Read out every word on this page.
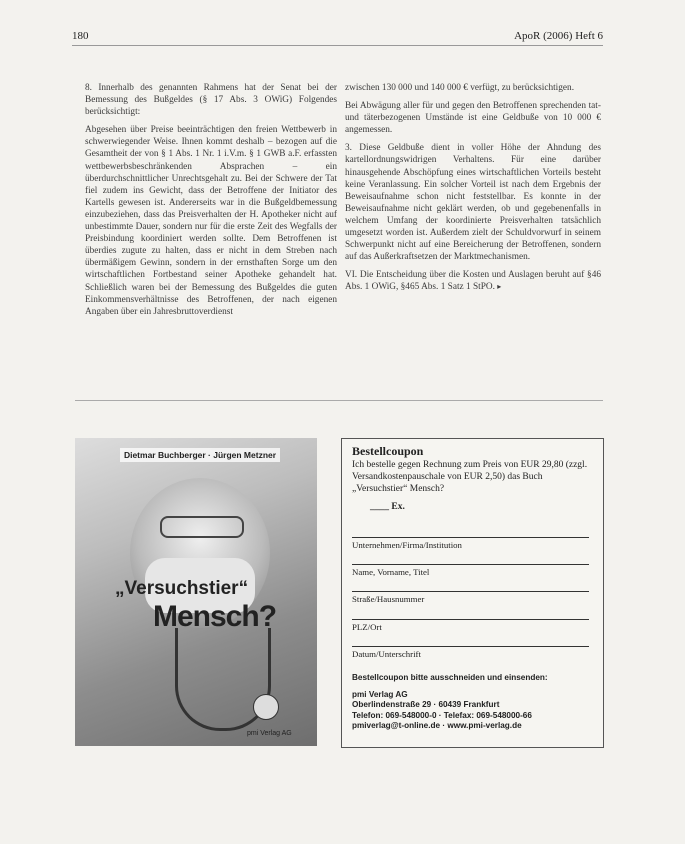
180	ApoR (2006) Heft 6

8. Innerhalb des genannten Rahmens hat der Senat bei der Bemessung des Bußgeldes (§ 17 Abs. 3 OWiG) Folgendes berücksichtigt:

Abgesehen über Preise beeinträchtigen den freien Wettbewerb in schwerwiegender Weise. Ihnen kommt deshalb – bezogen auf die Gesamtheit der von § 1 Abs. 1 Nr. 1 i.V.m. § 1 GWB a.F. erfassten wettbewerbsbeschränkenden Absprachen – ein überdurchschnittlicher Unrechtsgehalt zu. Bei der Schwere der Tat fiel zudem ins Gewicht, dass der Betroffene der Initiator des Kartells gewesen ist. Andererseits war in die Bußgeldbemessung einzubeziehen, dass das Preisverhalten der H. Apotheker nicht auf unbestimmte Dauer, sondern nur für die erste Zeit des Wegfalls der Preisbindung koordiniert werden sollte. Dem Betroffenen ist überdies zugute zu halten, dass er nicht in dem Streben nach übermäßigem Gewinn, sondern in der ernsthaften Sorge um den wirtschaftlichen Fortbestand seiner Apotheke gehandelt hat. Schließlich waren bei der Bemessung des Bußgeldes die guten Einkommensverhältnisse des Betroffenen, der nach eigenen Angaben über ein Jahresbruttoverdienst

zwischen 130 000 und 140 000 € verfügt, zu berücksichtigen.

Bei Abwägung aller für und gegen den Betroffenen sprechenden tat- und täterbezogenen Umstände ist eine Geldbuße von 10 000 € angemessen.

3. Diese Geldbuße dient in voller Höhe der Ahndung des kartellordnungswidrigen Verhaltens. Für eine darüber hinausgehende Abschöpfung eines wirtschaftlichen Vorteils besteht keine Veranlassung. Ein solcher Vorteil ist nach dem Ergebnis der Beweisaufnahme schon nicht feststellbar. Es konnte in der Beweisaufnahme nicht geklärt werden, ob und gegebenenfalls in welchem Umfang der koordinierte Preisverhalten tatsächlich umgesetzt worden ist. Außerdem zielt der Schuldvorwurf in seinem Schwerpunkt nicht auf eine Bereicherung der Betroffenen, sondern auf das Außerkraftsetzen der Marktmechanismen.

VI. Die Entscheidung über die Kosten und Auslagen beruht auf §46 Abs. 1 OWiG, §465 Abs. 1 Satz 1 StPO. ▸

Dietmar Buchberger · Jürgen Metzner
„Versuchstier“
Mensch?
pmi Verlag AG
Bestellcoupon
Ich bestelle gegen Rechnung zum Preis von EUR 29,80 (zzgl. Versandkostenpauschale von EUR 2,50) das Buch „Versuchstier“ Mensch?
____ Ex.
Unternehmen/Firma/Institution
Name, Vorname, Titel
Straße/Hausnummer
PLZ/Ort
Datum/Unterschrift
Bestellcoupon bitte ausschneiden und einsenden:
pmi Verlag AG
Oberlindenstraße 29 · 60439 Frankfurt
Telefon: 069-548000-0 · Telefax: 069-548000-66
pmiverlag@t-online.de · www.pmi-verlag.de
